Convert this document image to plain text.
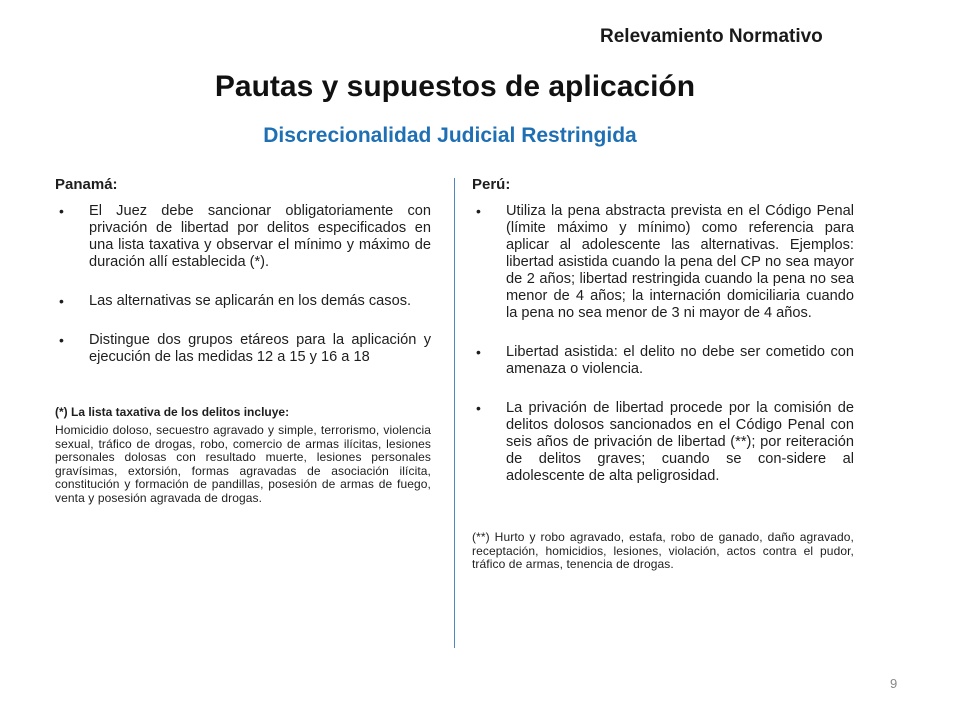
Relevamiento Normativo
Pautas y supuestos de aplicación
Discrecionalidad Judicial Restringida
Panamá:
• El Juez debe sancionar obligatoriamente con privación de libertad por delitos especificados en una lista taxativa y observar el mínimo y máximo de duración allí establecida (*).
• Las alternativas se aplicarán en los demás casos.
• Distingue dos grupos etáreos para la aplicación y ejecución de las medidas 12 a 15 y 16 a 18
(*) La lista taxativa de los delitos incluye:
Homicidio doloso, secuestro agravado y simple, terrorismo, violencia sexual, tráfico de drogas, robo, comercio de armas ilícitas, lesiones personales dolosas con resultado muerte, lesiones personales gravísimas, extorsión, formas agravadas de asociación ilícita, constitución y formación de pandillas, posesión de armas de fuego, venta y posesión agravada de drogas.
Perú:
• Utiliza la pena abstracta prevista en el Código Penal (límite máximo y mínimo) como referencia para aplicar al adolescente las alternativas. Ejemplos: libertad asistida cuando la pena del CP no sea mayor de 2 años; libertad restringida cuando la pena no sea menor de 4 años; la internación domiciliaria cuando la pena no sea menor de 3 ni mayor de 4 años.
• Libertad asistida: el delito no debe ser cometido con amenaza o violencia.
• La privación de libertad procede por la comisión de delitos dolosos sancionados en el Código Penal con seis años de privación de libertad (**); por reiteración de delitos graves; cuando se con-sidere al adolescente de alta peligrosidad.
(**) Hurto y robo agravado, estafa, robo de ganado, daño agravado, receptación, homicidios, lesiones, violación, actos contra el pudor, tráfico de armas, tenencia de drogas.
9
